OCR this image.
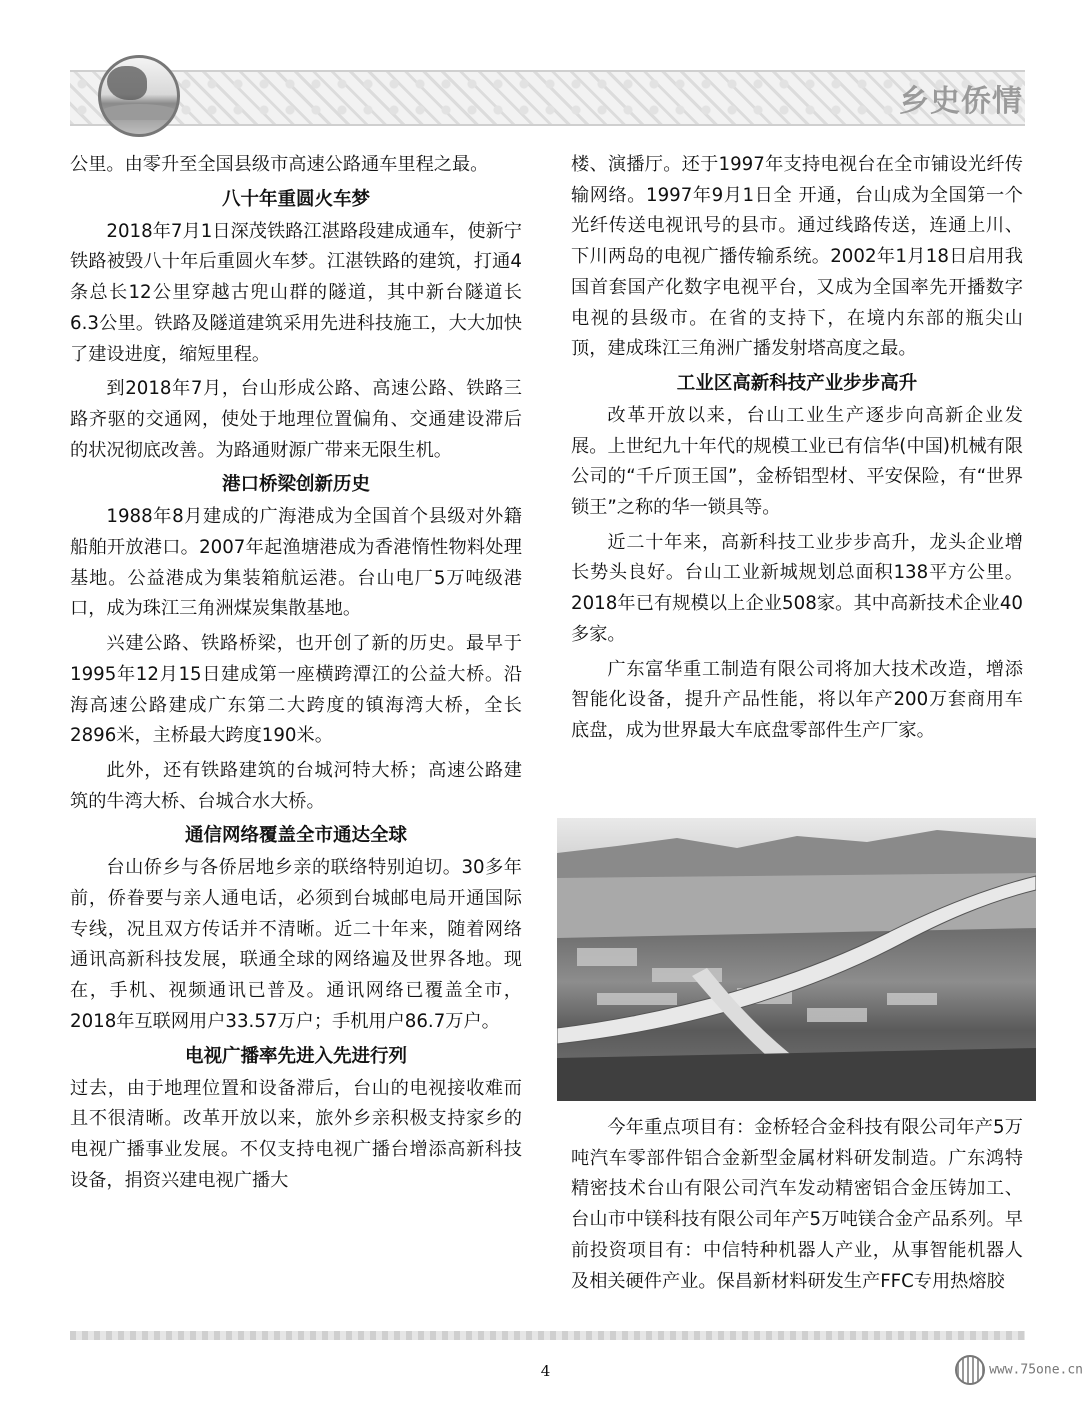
乡史侨情

公里。由零升至全国县级市高速公路通车里程之最。

八十年重圆火车梦

2018年7月1日深茂铁路江湛路段建成通车，使新宁铁路被毁八十年后重圆火车梦。江湛铁路的建筑，打通4条总长12公里穿越古兜山群的隧道，其中新台隧道长6.3公里。铁路及隧道建筑采用先进科技施工，大大加快了建设进度，缩短里程。

到2018年7月，台山形成公路、高速公路、铁路三路齐驱的交通网，使处于地理位置偏角、交通建设滞后的状况彻底改善。为路通财源广带来无限生机。

港口桥梁创新历史

1988年8月建成的广海港成为全国首个县级对外籍船舶开放港口。2007年起渔塘港成为香港惰性物料处理基地。公益港成为集装箱航运港。台山电厂5万吨级港口，成为珠江三角洲煤炭集散基地。

兴建公路、铁路桥梁，也开创了新的历史。最早于1995年12月15日建成第一座横跨潭江的公益大桥。沿海高速公路建成广东第二大跨度的镇海湾大桥，全长2896米，主桥最大跨度190米。

此外，还有铁路建筑的台城河特大桥；高速公路建筑的牛湾大桥、台城合水大桥。

通信网络覆盖全市通达全球

台山侨乡与各侨居地乡亲的联络特别迫切。30多年前，侨眷要与亲人通电话，必须到台城邮电局开通国际专线，况且双方传话并不清晰。近二十年来，随着网络通讯高新科技发展，联通全球的网络遍及世界各地。现在，手机、视频通讯已普及。通讯网络已覆盖全市，2018年互联网用户33.57万户；手机用户86.7万户。

电视广播率先进入先进行列

过去，由于地理位置和设备滞后，台山的电视接收难而且不很清晰。改革开放以来，旅外乡亲积极支持家乡的电视广播事业发展。不仅支持电视广播台增添高新科技设备，捐资兴建电视广播大

楼、演播厅。还于1997年支持电视台在全市铺设光纤传输网络。1997年9月1日全 开通，台山成为全国第一个光纤传送电视讯号的县市。通过线路传送，连通上川、下川两岛的电视广播传输系统。2002年1月18日启用我国首套国产化数字电视平台，又成为全国率先开播数字电视的县级市。在省的支持下，在境内东部的瓶尖山顶，建成珠江三角洲广播发射塔高度之最。

工业区高新科技产业步步高升

改革开放以来，台山工业生产逐步向高新企业发展。上世纪九十年代的规模工业已有信华(中国)机械有限公司的“千斤顶王国”，金桥铝型材、平安保险，有“世界锁王”之称的华一锁具等。

近二十年来，高新科技工业步步高升，龙头企业增长势头良好。台山工业新城规划总面积138平方公里。2018年已有规模以上企业508家。其中高新技术企业40多家。

广东富华重工制造有限公司将加大技术改造，增添智能化设备，提升产品性能，将以年产200万套商用车底盘，成为世界最大车底盘零部件生产厂家。

今年重点项目有：金桥轻合金科技有限公司年产5万吨汽车零部件铝合金新型金属材料研发制造。广东鸿特精密技术台山有限公司汽车发动精密铝合金压铸加工、台山市中镁科技有限公司年产5万吨镁合金产品系列。早前投资项目有：中信特种机器人产业，从事智能机器人及相关硬件产业。保昌新材料研发生产FFC专用热熔胶

4	www.75one.cn
